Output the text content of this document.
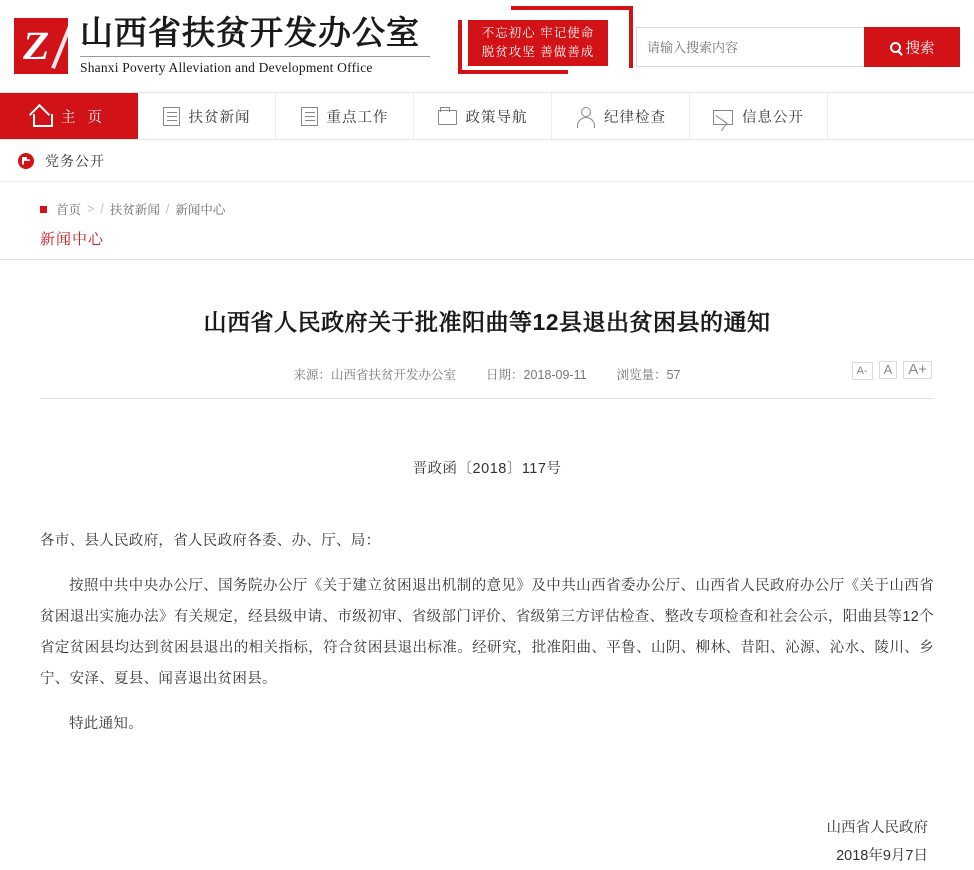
Z 山西省扶贫开发办公室
Shanxi Poverty Alleviation and Development Office
不忘初心 牢记使命
脱贫攻坚 善做善成
请输入搜索内容	搜索
主 页	扶贫新闻	重点工作	政策导航	纪律检查	信息公开
党务公开
首页 > / 扶贫新闻 / 新闻中心
新闻中心
山西省人民政府关于批准阳曲等12县退出贫困县的通知
来源：山西省扶贫开发办公室 日期：2018-09-11 浏览量：57	A-	A	A+
晋政函〔2018〕117号

各市、县人民政府，省人民政府各委、办、厅、局：

按照中共中央办公厅、国务院办公厅《关于建立贫困退出机制的意见》及中共山西省委办公厅、山西省人民政府办公厅《关于山西省贫困退出实施办法》有关规定，经县级申请、市级初审、省级部门评价、省级第三方评估检查、整改专项检查和社会公示，阳曲县等12个省定贫困县均达到贫困县退出的相关指标，符合贫困县退出标准。经研究，批准阳曲、平鲁、山阴、柳林、昔阳、沁源、沁水、陵川、乡宁、安泽、夏县、闻喜退出贫困县。

特此通知。

山西省人民政府
2018年9月7日
